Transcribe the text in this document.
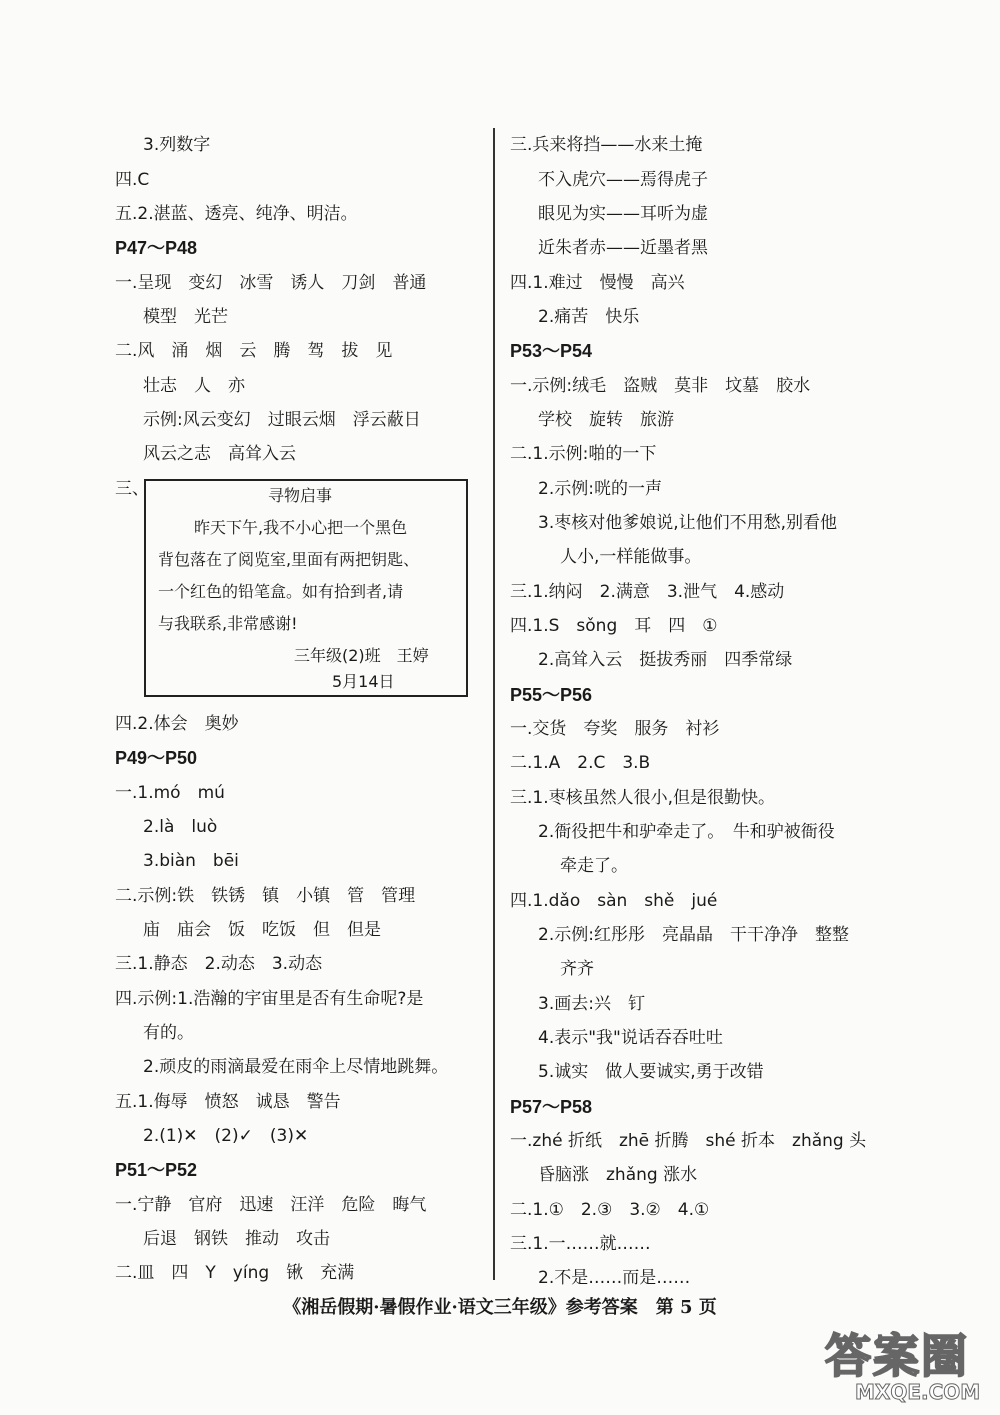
3.列数字
四.C
五.2.湛蓝、透亮、纯净、明洁。
P47～P48
一.呈现　变幻　冰雪　诱人　刀剑　普通
模型　光芒
二.风　涌　烟　云　腾　驾　拔　见
壮志　人　亦
示例:风云变幻　过眼云烟　浮云蔽日
风云之志　高耸入云
三、
四.2.体会　奥妙
P49～P50
一.1.mó　mú
2.là　luò
3.biàn　bēi
二.示例:铁　铁锈　镇　小镇　管　管理
庙　庙会　饭　吃饭　但　但是
三.1.静态　2.动态　3.动态
四.示例:1.浩瀚的宇宙里是否有生命呢?是
有的。
2.顽皮的雨滴最爱在雨伞上尽情地跳舞。
五.1.侮辱　愤怒　诚恳　警告
2.(1)✕　(2)✓　(3)✕
P51～P52
一.宁静　官府　迅速　汪洋　危险　晦气
后退　钢铁　推动　攻击
二.皿　四　Y　yíng　锹　充满
寻物启事
昨天下午,我不小心把一个黑色
背包落在了阅览室,里面有两把钥匙、
一个红色的铅笔盒。如有拾到者,请
与我联系,非常感谢!
三年级(2)班　王婷
5月14日
三.兵来将挡——水来土掩
不入虎穴——焉得虎子
眼见为实——耳听为虚
近朱者赤——近墨者黑
四.1.难过　慢慢　高兴
2.痛苦　快乐
P53～P54
一.示例:绒毛　盗贼　莫非　坟墓　胶水
学校　旋转　旅游
二.1.示例:啪的一下
2.示例:咣的一声
3.枣核对他爹娘说,让他们不用愁,别看他
人小,一样能做事。
三.1.纳闷　2.满意　3.泄气　4.感动
四.1.S　sǒng　耳　四　①
2.高耸入云　挺拔秀丽　四季常绿
P55～P56
一.交货　夸奖　服务　衬衫
二.1.A　2.C　3.B
三.1.枣核虽然人很小,但是很勤快。
2.衙役把牛和驴牵走了。　牛和驴被衙役
牵走了。
四.1.dǎo　sàn　shě　jué
2.示例:红彤彤　亮晶晶　干干净净　整整
齐齐
3.画去:兴　钉
4.表示"我"说话吞吞吐吐
5.诚实　做人要诚实,勇于改错
P57～P58
一.zhé 折纸　zhē 折腾　shé 折本　zhǎng 头
昏脑涨　zhǎng 涨水
二.1.①　2.③　3.②　4.①
三.1.一……就……
2.不是……而是……
《湘岳假期·暑假作业·语文三年级》参考答案　第 5 页
答案圈
MXQE.COM
